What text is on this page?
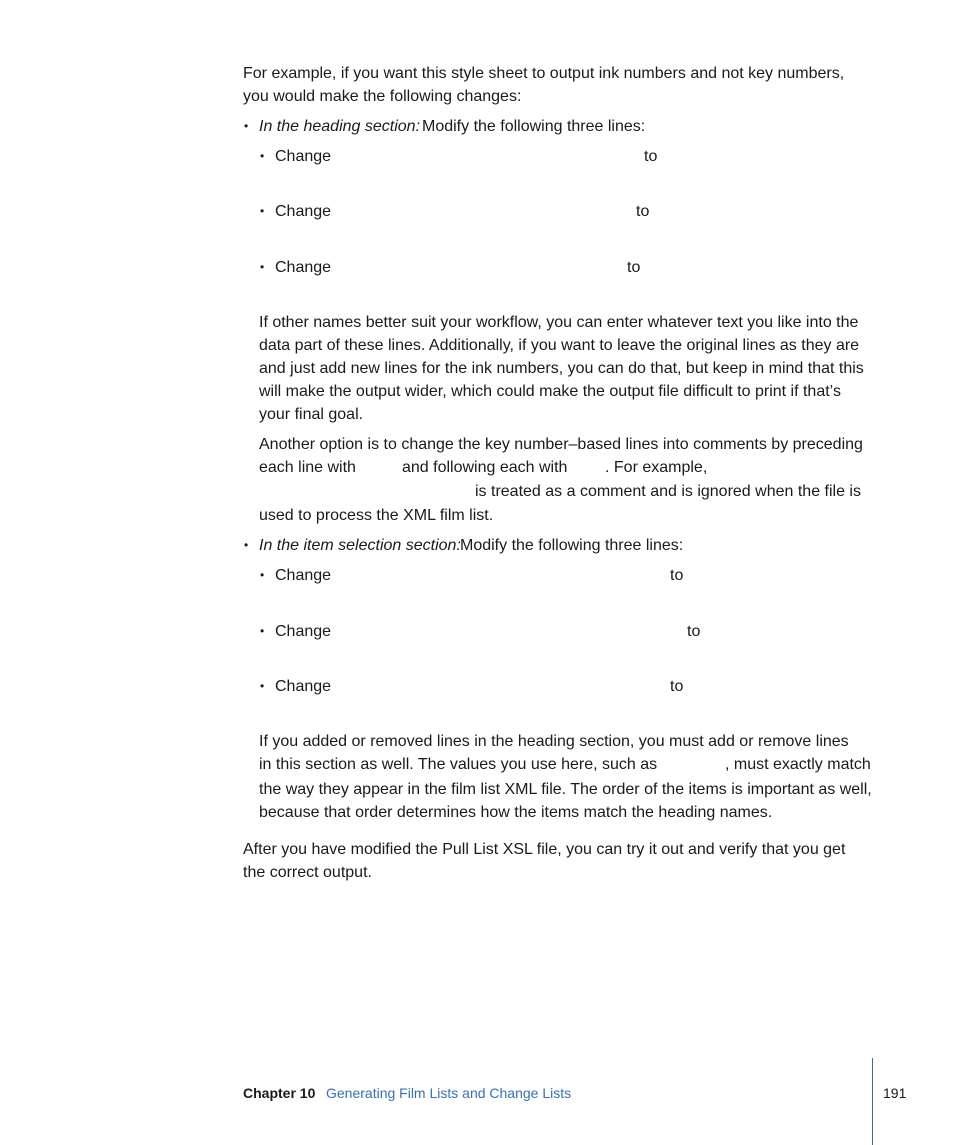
For example, if you want this style sheet to output ink numbers and not key numbers,
you would make the following changes:
• In the heading section: Modify the following three lines:
• Change	to
• Change	to
• Change	to
If other names better suit your workflow, you can enter whatever text you like into the
data part of these lines. Additionally, if you want to leave the original lines as they are
and just add new lines for the ink numbers, you can do that, but keep in mind that this
will make the output wider, which could make the output file difficult to print if that’s
your final goal.
Another option is to change the key number–based lines into comments by preceding
each line with	and following each with . For example,
is treated as a comment and is ignored when the file is
used to process the XML film list.
• In the item selection section: Modify the following three lines:
• Change	to
• Change	to
• Change	to
If you added or removed lines in the heading section, you must add or remove lines
in this section as well. The values you use here, such as	, must exactly match
the way they appear in the film list XML file. The order of the items is important as well,
because that order determines how the items match the heading names.
After you have modified the Pull List XSL file, you can try it out and verify that you get
the correct output.
Chapter 10 Generating Film Lists and Change Lists	191
